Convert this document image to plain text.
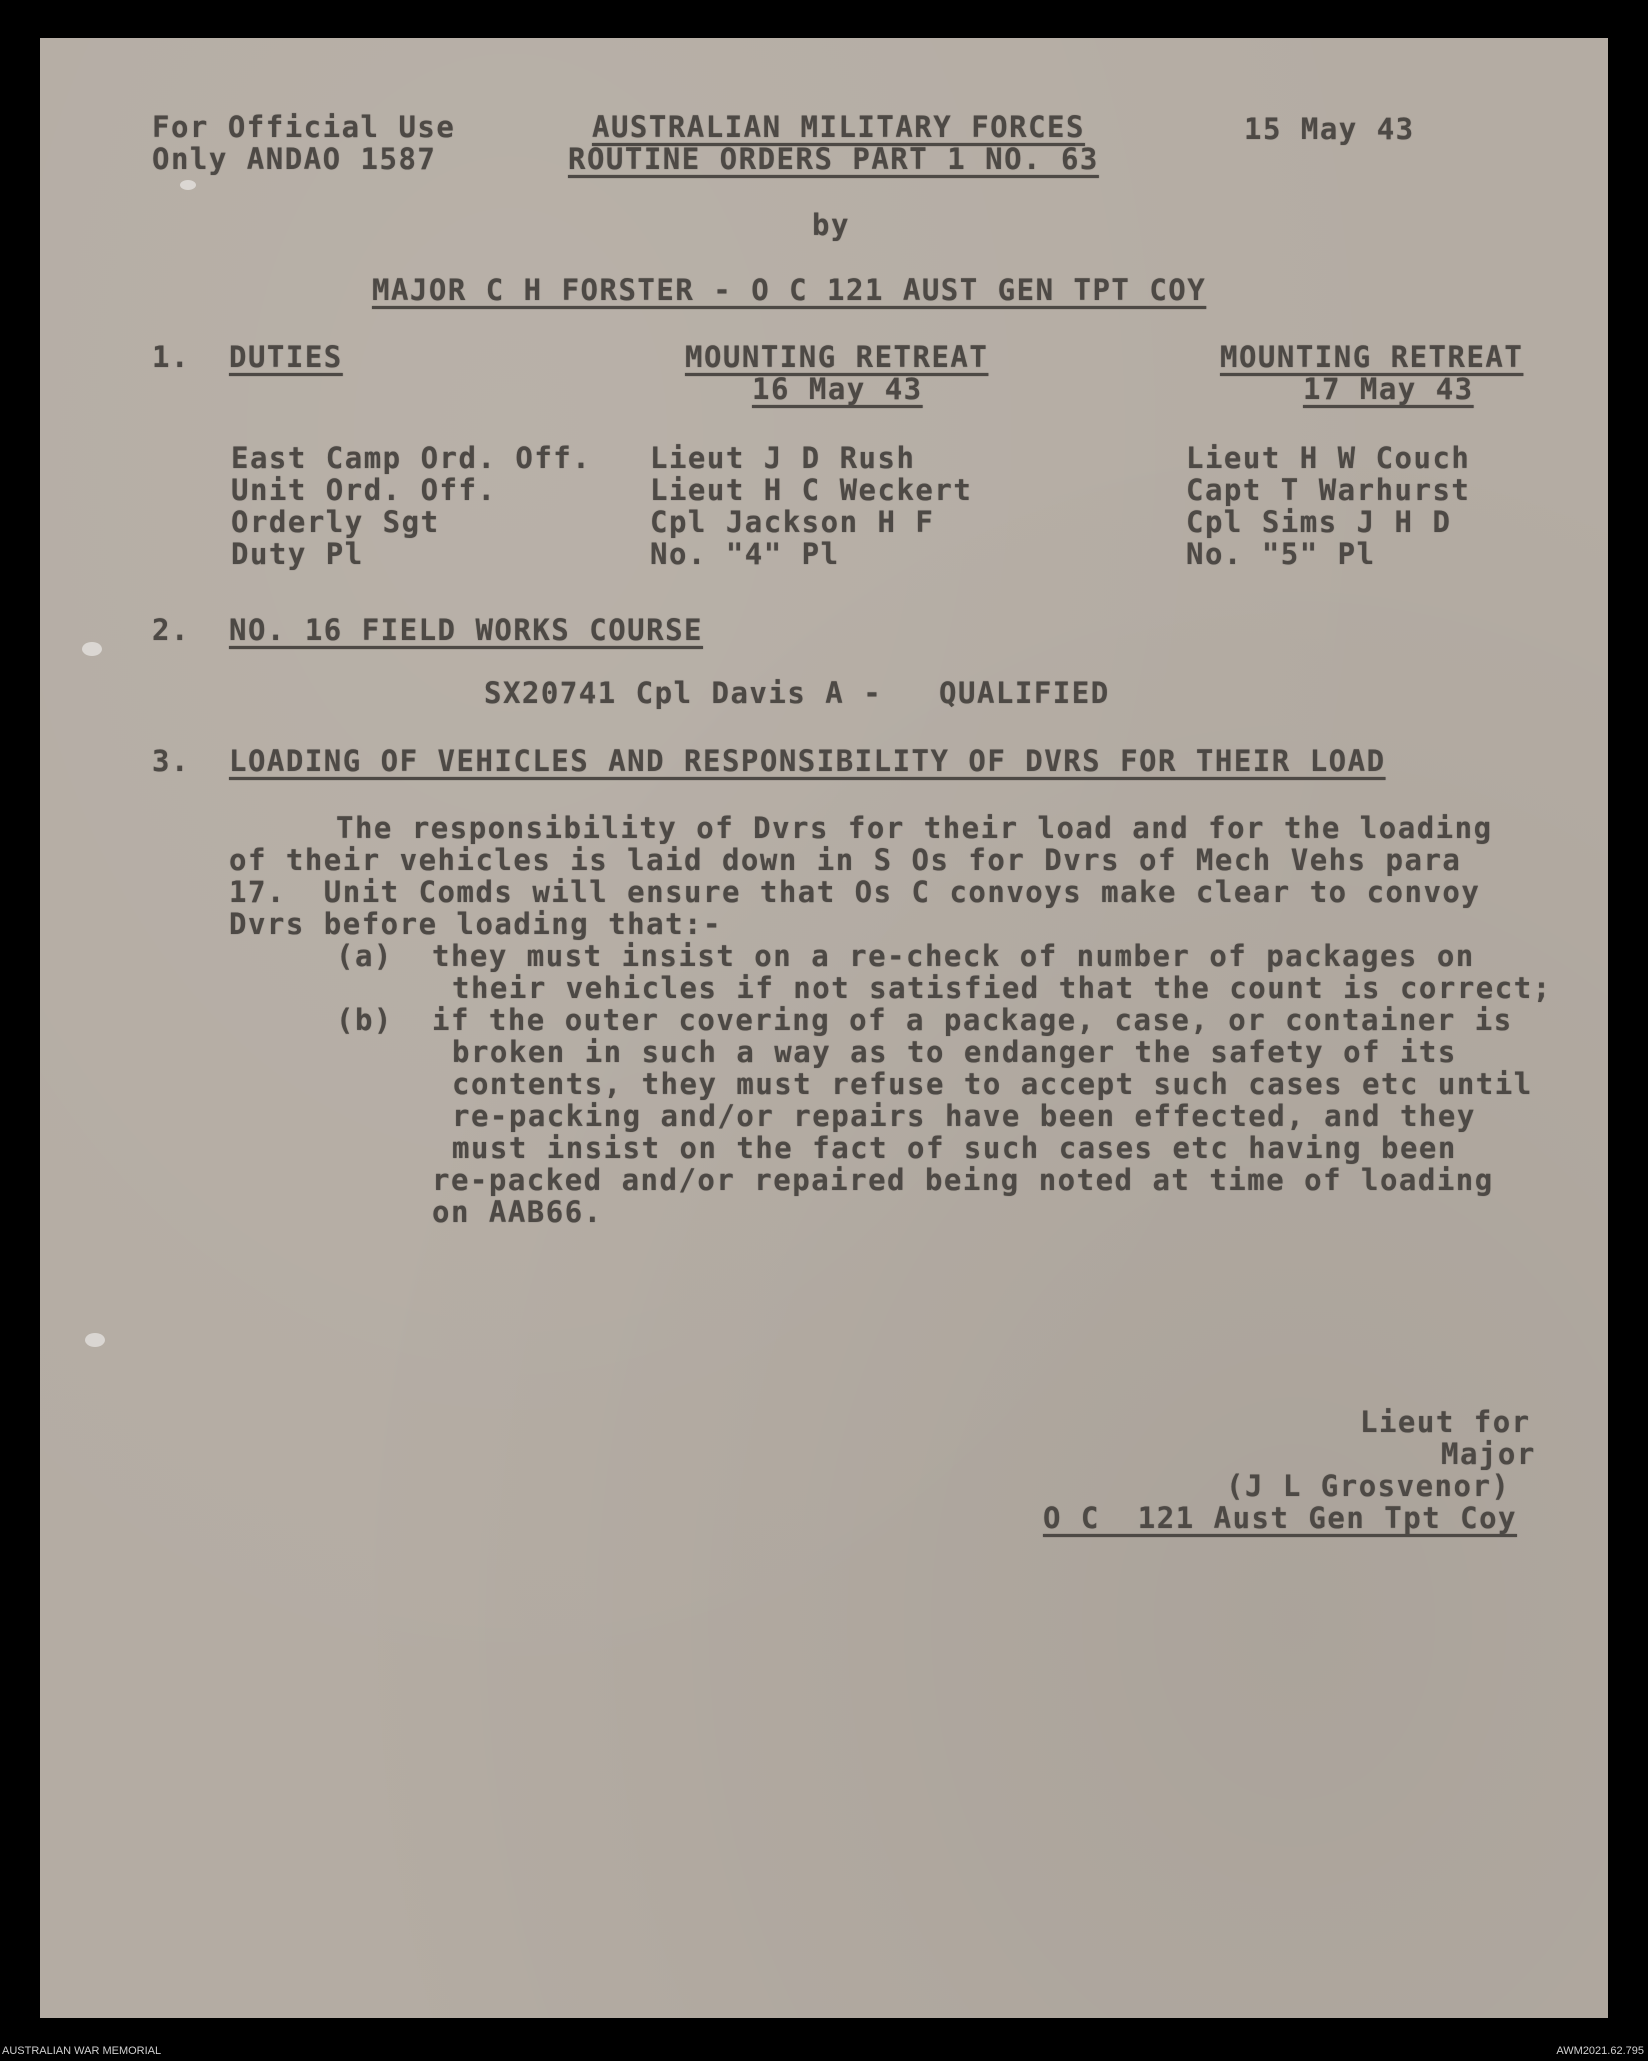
For Official Use
Only ANDAO 1587
AUSTRALIAN MILITARY FORCES
ROUTINE ORDERS PART 1 NO. 63
15 May 43
by
MAJOR C H FORSTER - O C 121 AUST GEN TPT COY
1. DUTIES	MOUNTING RETREAT
16 May 43
MOUNTING RETREAT
17 May 43
East Camp Ord. Off.
Unit Ord. Off.
Orderly Sgt
Duty Pl
Lieut J D Rush
Lieut H C Weckert
Cpl Jackson H F
No. "4" Pl
Lieut H W Couch
Capt T Warhurst
Cpl Sims J H D
No. "5" Pl
2. NO. 16 FIELD WORKS COURSE
SX20741 Cpl Davis A -   QUALIFIED
3. LOADING OF VEHICLES AND RESPONSIBILITY OF DVRS FOR THEIR LOAD
The responsibility of Dvrs for their load and for the loading
of their vehicles is laid down in S Os for Dvrs of Mech Vehs para
17.  Unit Comds will ensure that Os C convoys make clear to convoy
Dvrs before loading that:-
(a) they must insist on a re-check of number of packages on
their vehicles if not satisfied that the count is correct;
(b) if the outer covering of a package, case, or container is
broken in such a way as to endanger the safety of its
contents, they must refuse to accept such cases etc until
re-packing and/or repairs have been effected, and they
must insist on the fact of such cases etc having been
re-packed and/or repaired being noted at time of loading
on AAB66.
Lieut for
Major
(J L Grosvenor)
O C  121 Aust Gen Tpt Coy
AUSTRALIAN WAR MEMORIAL	AWM2021.62.795
